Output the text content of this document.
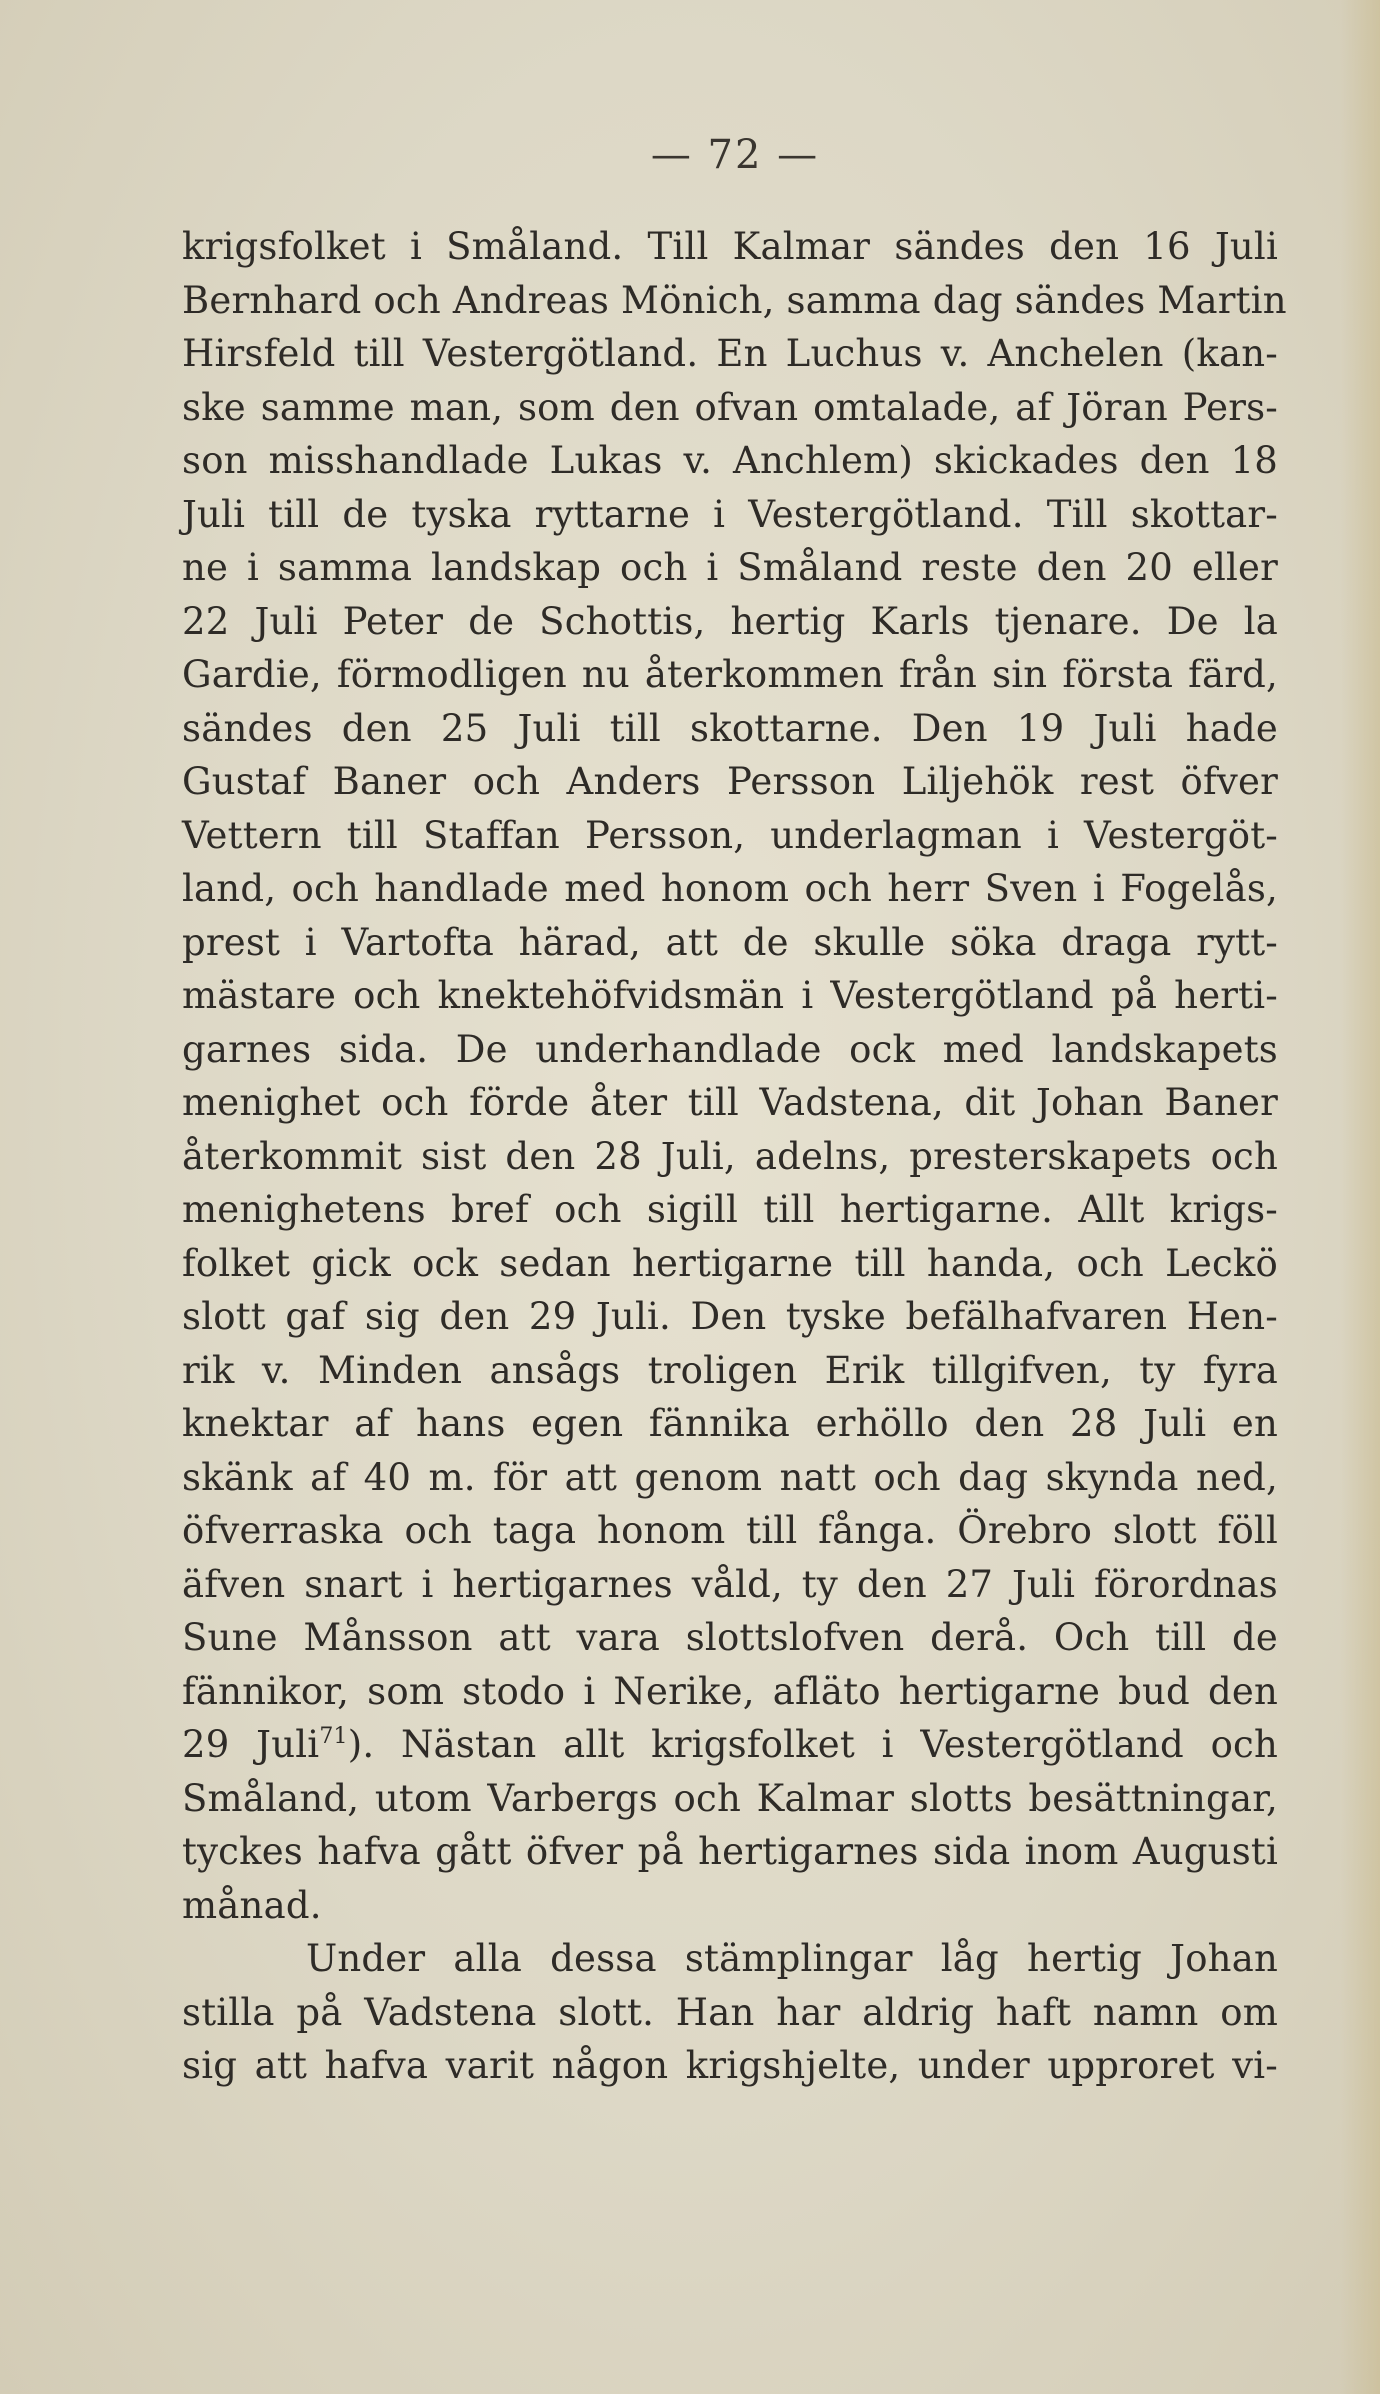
— 72 —
krigsfolket i Småland. Till Kalmar sändes den 16 Juli
Bernhard och Andreas Mönich, samma dag sändes Martin
Hirsfeld till Vestergötland. En Luchus v. Anchelen (kan-
ske samme man, som den ofvan omtalade, af Jöran Pers-
son misshandlade Lukas v. Anchlem) skickades den 18
Juli till de tyska ryttarne i Vestergötland. Till skottar-
ne i samma landskap och i Småland reste den 20 eller
22 Juli Peter de Schottis, hertig Karls tjenare. De la
Gardie, förmodligen nu återkommen från sin första färd,
sändes den 25 Juli till skottarne. Den 19 Juli hade
Gustaf Baner och Anders Persson Liljehök rest öfver
Vettern till Staffan Persson, underlagman i Vestergöt-
land, och handlade med honom och herr Sven i Fogelås,
prest i Vartofta härad, att de skulle söka draga rytt-
mästare och knektehöfvidsmän i Vestergötland på herti-
garnes sida. De underhandlade ock med landskapets
menighet och förde åter till Vadstena, dit Johan Baner
återkommit sist den 28 Juli, adelns, presterskapets och
menighetens bref och sigill till hertigarne. Allt krigs-
folket gick ock sedan hertigarne till handa, och Leckö
slott gaf sig den 29 Juli. Den tyske befälhafvaren Hen-
rik v. Minden ansågs troligen Erik tillgifven, ty fyra
knektar af hans egen fännika erhöllo den 28 Juli en
skänk af 40 m. för att genom natt och dag skynda ned,
öfverraska och taga honom till fånga. Örebro slott föll
äfven snart i hertigarnes våld, ty den 27 Juli förordnas
Sune Månsson att vara slottslofven derå. Och till de
fännikor, som stodo i Nerike, afläto hertigarne bud den
29 Juli$^{71}$). Nästan allt krigsfolket i Vestergötland och
Småland, utom Varbergs och Kalmar slotts besättningar,
tyckes hafva gått öfver på hertigarnes sida inom Augusti
månad.
Under alla dessa stämplingar låg hertig Johan
stilla på Vadstena slott. Han har aldrig haft namn om
sig att hafva varit någon krigshjelte, under upproret vi-
